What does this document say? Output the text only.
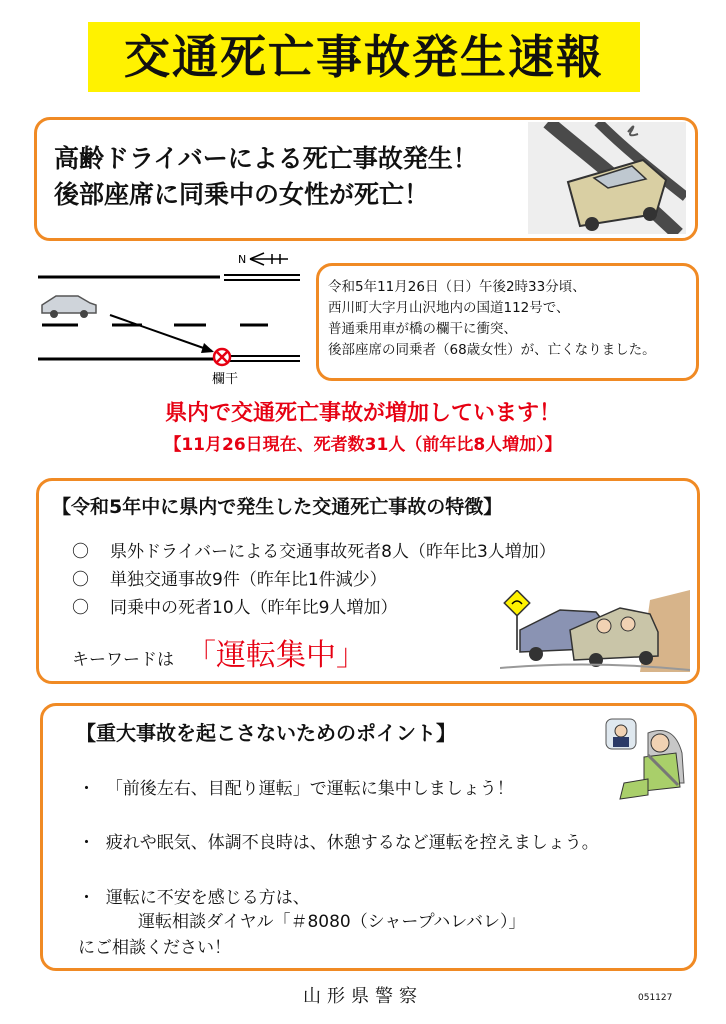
交通死亡事故発生速報
高齢ドライバーによる死亡事故発生！
後部座席に同乗中の女性が死亡！
N
欄干
令和5年11月26日（日）午後2時33分頃、
西川町大字月山沢地内の国道112号で、
普通乗用車が橋の欄干に衝突、
後部座席の同乗者（68歳女性）が、亡くなりました。
県内で交通死亡事故が増加しています！
【11月26日現在、死者数31人（前年比8人増加）】
【令和5年中に県内で発生した交通死亡事故の特徴】
〇 県外ドライバーによる交通事故死者8人（昨年比3人増加）
〇 単独交通事故9件（昨年比1件減少）
〇 同乗中の死者10人（昨年比9人増加）
キーワードは 「運転集中」
【重大事故を起こさないためのポイント】
・ 「前後左右、目配り運転」で運転に集中しましょう！
・ 疲れや眠気、体調不良時は、休憩するなど運転を控えましょう。
・ 運転に不安を感じる方は、
運転相談ダイヤル「＃8080（シャープハレバレ）」
にご相談ください！
山形県警察	051127
